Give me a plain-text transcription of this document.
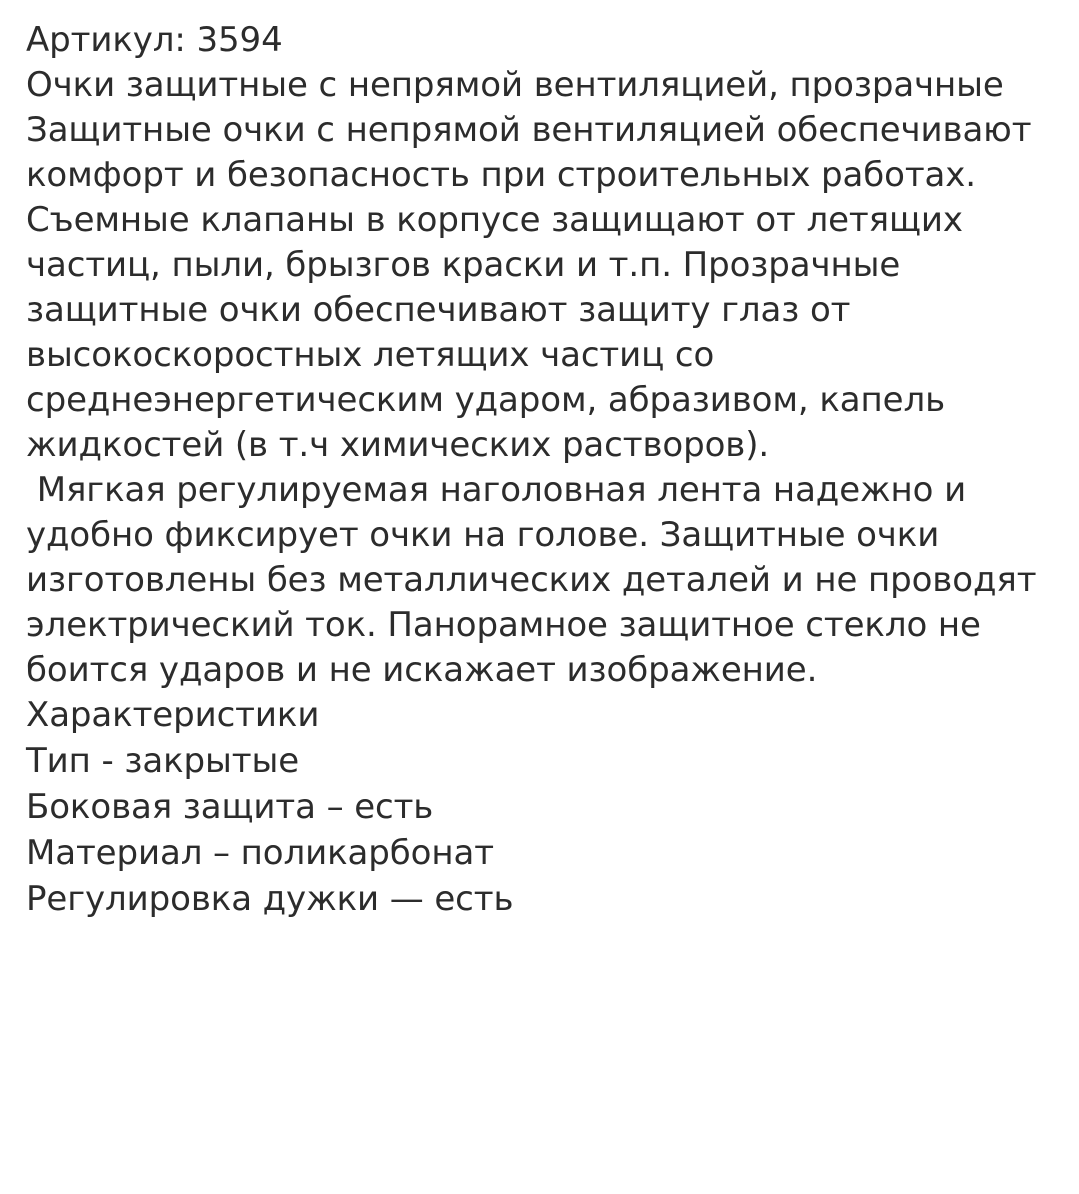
Артикул: 3594
Очки защитные с непрямой вентиляцией, прозрачные
Защитные очки с непрямой вентиляцией обеспечивают комфорт и безопасность при строительных работах. Съемные клапаны в корпусе защищают от летящих частиц, пыли, брызгов краски и т.п. Прозрачные защитные очки обеспечивают защиту глаз от высокоскоростных летящих частиц со среднеэнергетическим ударом, абразивом, капель жидкостей (в т.ч химических растворов).
Мягкая регулируемая наголовная лента надежно и удобно фиксирует очки на голове. Защитные очки изготовлены без металлических деталей и не проводят электрический ток. Панорамное защитное стекло не боится ударов и не искажает изображение.
Характеристики
Тип - закрытые
Боковая защита – есть
Материал – поликарбонат
Регулировка дужки — есть
